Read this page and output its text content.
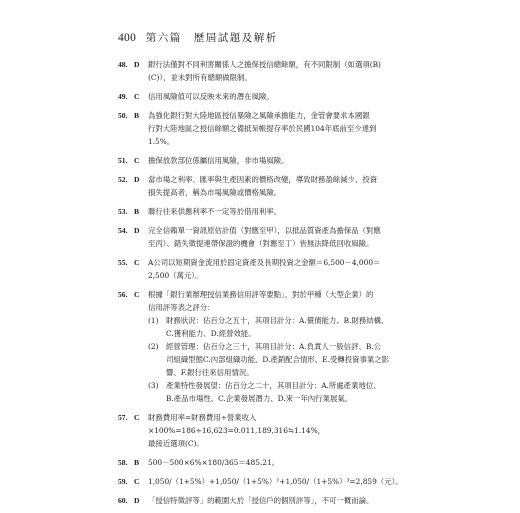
400 第六篇　歷屆試題及解析
48. D	銀行法僅對不同利害關係人之擔保授信總餘額，有不同限制（如選項(B)
(C)），並未對所有總額做限制。
49. C	信用風險值可以反映未來的潛在風險。
50. B	為強化銀行對大陸地區授信暴險之風險承擔能力，金管會要求本國銀
行對大陸地區之授信餘額之備抵呆帳提存率於民國104年底前至少達到
1.5%。
51. C	擔保放款部位係屬信用風險，非市場風險。
52. D	當市場之利率、匯率與生產因素的價格改變，導致財務盈餘減少、投資
損失提高者，稱為市場風險或價格風險。
53. B	聯行往來供應利率不一定等於借用利率。
54. D	完全信賴單一資訊原估計值（對應至甲），以抵品質資產為擔保品（對應
至丙）、錯失徵提連帶保證的機會（對應至丁）皆無法降低回收風險。
55. C	A公司以短期資金流用於固定資產及長期投資之金額＝6,500－4,000＝
2,500（萬元）。
56. C	根據「銀行業辦理授信業務信用評等要點」，對於甲種（大型企業）的
信用評等表之評分：
(1)	財務狀況：佔百分之五十，其項目計分：A.償債能力、B.財務結構、
C.獲利能力、D.經營效能。
(2)	經營管理：佔百分之三十，其項目計分：A.負責人一般信評、B.公
司組織型態C.內部組織功能、D.產銷配合情形、E.受轉投資事業之影
響、F.銀行往來信用情況。
(3)	產業特性發展望：佔百分之二十，其項目計分：A.所處產業地位、
B.產品市場性、C.企業發展潛力、D.來一年內行業展氣。
57. C	財務費用率=財務費用÷營業收入×100%=186÷16,623=0.011,189,316≒1.14%，
最接近選項(C)。
58. B	500－500×6%×180/365＝485.21。
59. C	1,050/（1+5%）+1,050/（1+5%）²+1,050/（1+5%）³=2,859（元）。
60. D	「授信特徵評等」的範圍大於「授信戶的個別評等」，不可一概而論。
